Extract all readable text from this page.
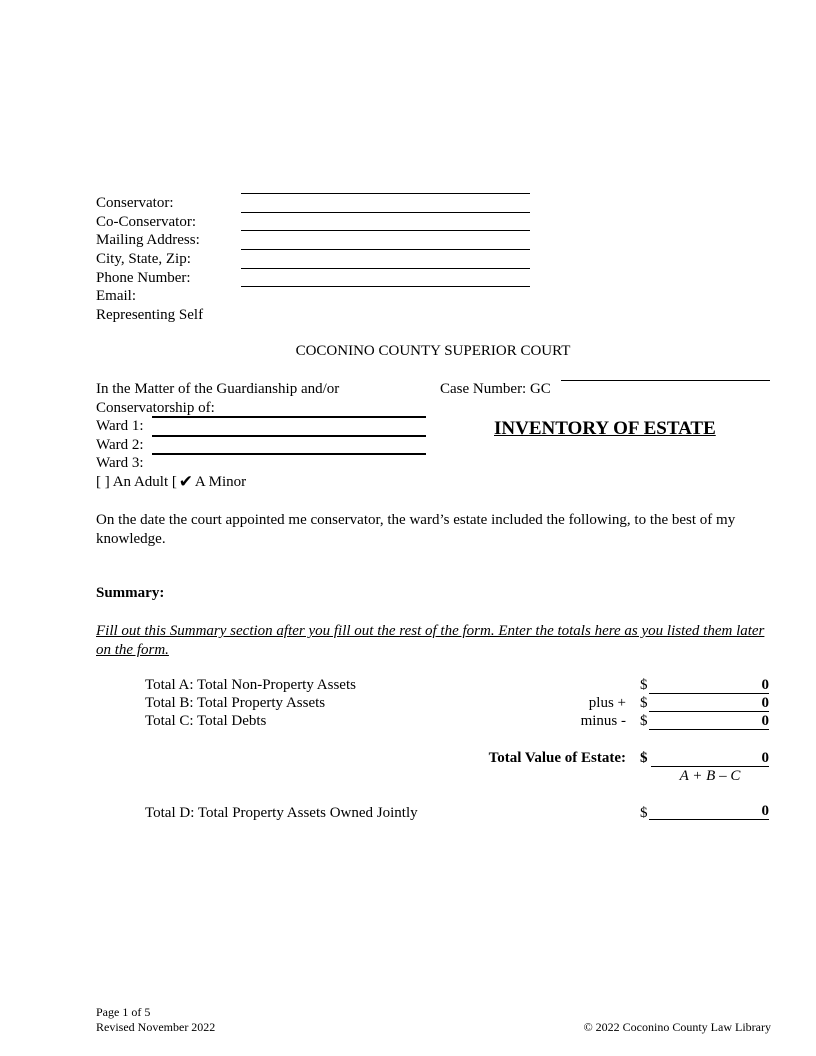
Conservator:
Co-Conservator:
Mailing Address:
City, State, Zip:
Phone Number:
Email:
Representing Self
COCONINO COUNTY SUPERIOR COURT
In the Matter of the Guardianship and/or
Conservatorship of:
Ward 1:
Ward 2:
Ward 3:
[ ] An Adult [ ✔ A Minor
Case Number: GC
INVENTORY OF ESTATE
On the date the court appointed me conservator, the ward’s estate included the following, to the best of my knowledge.
Summary:
Fill out this Summary section after you fill out the rest of the form. Enter the totals here as you listed them later on the form.
Total A: Total Non-Property Assets	$	0
Total B: Total Property Assets	plus + $	0
Total C: Total Debts	minus - $	0
Total Value of Estate: $	0
A + B – C
Total D: Total Property Assets Owned Jointly	$	0
Page 1 of 5
Revised November 2022	© 2022 Coconino County Law Library
